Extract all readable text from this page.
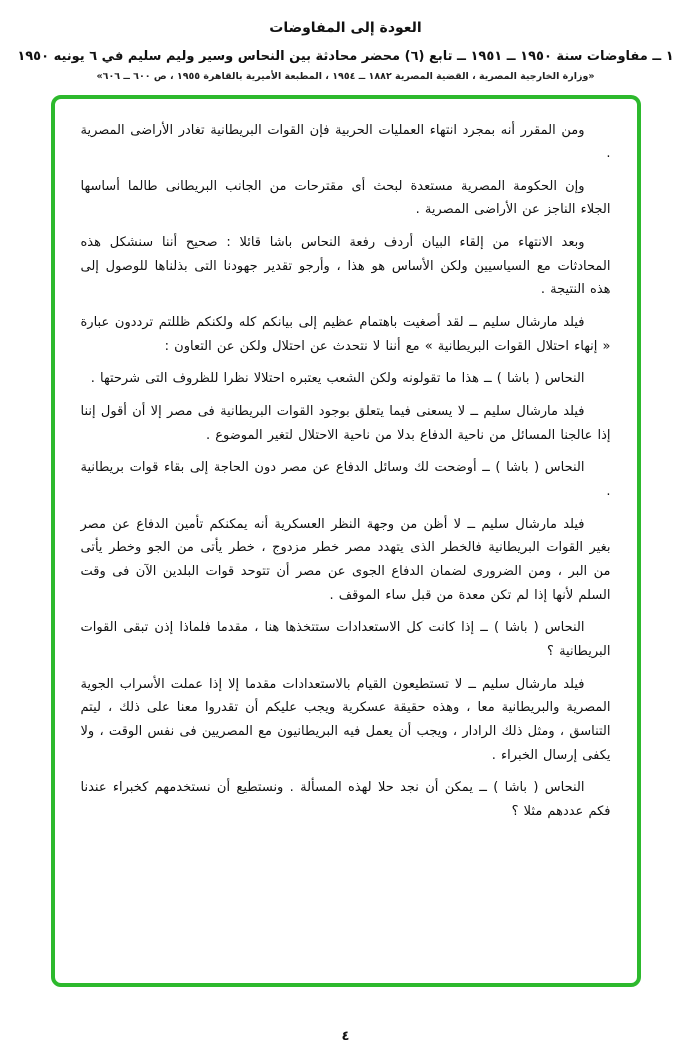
العودة إلى المفاوضات
١ ــ مفاوضات سنة ١٩٥٠ ــ ١٩٥١ ــ تابع (٦) محضر محادثة بين النحاس وسير وليم سليم في ٦ يونيه ١٩٥٠
«وزارة الخارجية المصرية ، القضية المصرية ١٨٨٢ ــ ١٩٥٤ ، المطبعة الأميرية بالقاهرة ١٩٥٥ ، ص ٦٠٠ ــ ٦٠٦»

ومن المقرر أنه بمجرد انتهاء العمليات الحربية فإن القوات البريطانية تغادر الأراضى المصرية .

وإن الحكومة المصرية مستعدة لبحث أى مقترحات من الجانب البريطانى طالما أساسها الجلاء الناجز عن الأراضى المصرية .

وبعد الانتهاء من إلقاء البيان أردف رفعة النحاس باشا قائلا : صحيح أننا سنشكل هذه المحادثات مع السياسيين ولكن الأساس هو هذا ، وأرجو تقدير جهودنا التى بذلناها للوصول إلى هذه النتيجة .

فيلد مارشال سليم ــ لقد أصغيت باهتمام عظيم إلى بيانكم كله ولكنكم ظللتم ترددون عبارة « إنهاء احتلال القوات البريطانية » مع أننا لا نتحدث عن احتلال ولكن عن التعاون :

النحاس ( باشا ) ــ هذا ما تقولونه ولكن الشعب يعتبره احتلالا نظرا للظروف التى شرحتها .

فيلد مارشال سليم ــ لا يسعنى فيما يتعلق بوجود القوات البريطانية فى مصر إلا أن أقول إننا إذا عالجنا المسائل من ناحية الدفاع بدلا من ناحية الاحتلال لتغير الموضوع .

النحاس ( باشا ) ــ أوضحت لك وسائل الدفاع عن مصر دون الحاجة إلى بقاء قوات بريطانية .

فيلد مارشال سليم ــ لا أظن من وجهة النظر العسكرية أنه يمكنكم تأمين الدفاع عن مصر بغير القوات البريطانية فالخطر الذى يتهدد مصر خطر مزدوج ، خطر يأتى من الجو وخطر يأتى من البر ، ومن الضرورى لضمان الدفاع الجوى عن مصر أن تتوحد قوات البلدين الآن فى وقت السلم لأنها إذا لم تكن معدة من قبل ساء الموقف .

النحاس ( باشا ) ــ إذا كانت كل الاستعدادات ستتخذها هنا ، مقدما فلماذا إذن تبقى القوات البريطانية ؟

فيلد مارشال سليم ــ لا تستطيعون القيام بالاستعدادات مقدما إلا إذا عملت الأسراب الجوية المصرية والبريطانية معا ، وهذه حقيقة عسكرية ويجب عليكم أن تقدروا معنا على ذلك ، ليتم التناسق ، ومثل ذلك الرادار ، ويجب أن يعمل فيه البريطانيون مع المصريين فى نفس الوقت ، ولا يكفى إرسال الخبراء .

النحاس ( باشا ) ــ يمكن أن نجد حلا لهذه المسألة . ونستطيع أن نستخدمهم كخبراء عندنا فكم عددهم مثلا ؟

٤
